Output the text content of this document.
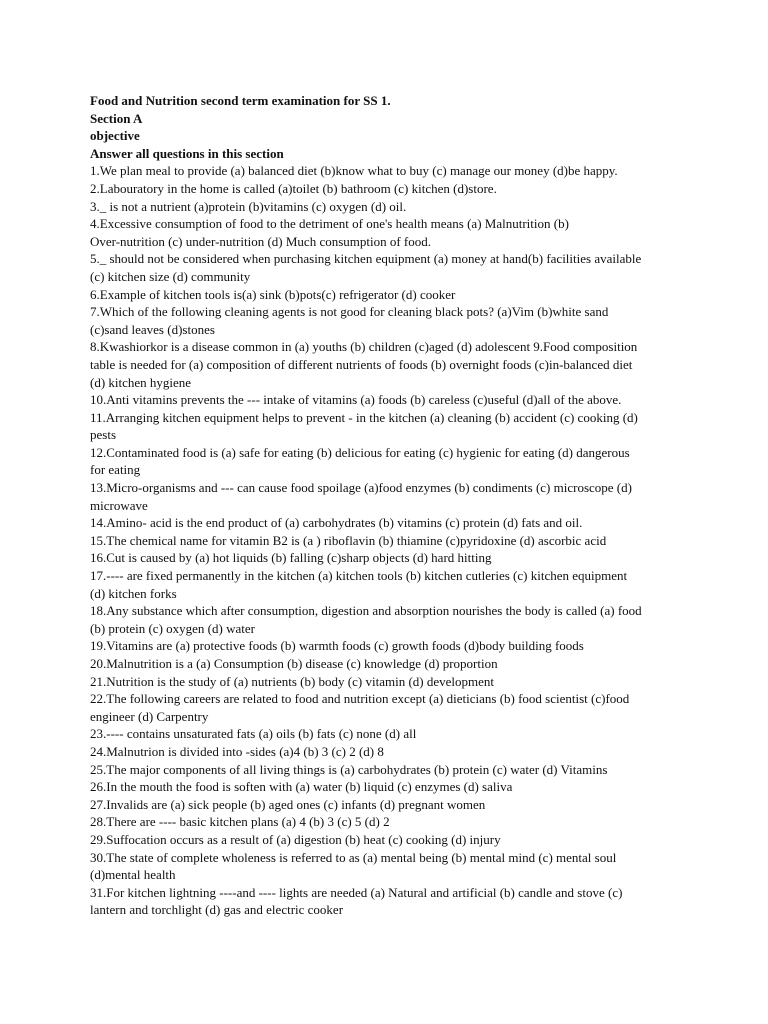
Food and Nutrition second term examination for SS 1.

Section A

objective

Answer all questions in this section

1.We plan meal to provide (a) balanced diet (b)know what to buy (c) manage our money (d)be happy.

2.Labouratory in the home is called (a)toilet (b) bathroom (c) kitchen (d)store.

3._ is not a nutrient (a)protein (b)vitamins (c) oxygen (d) oil.

4.Excessive consumption of food to the detriment of one's health means (a) Malnutrition (b)

Over-nutrition (c) under-nutrition (d) Much consumption of food.

5._ should not be considered when purchasing kitchen equipment (a) money at hand(b) facilities available

(c) kitchen size (d) community

6.Example of kitchen tools is(a) sink (b)pots(c) refrigerator (d) cooker

7.Which of the following cleaning agents is not good for cleaning black pots? (a)Vim (b)white sand

(c)sand leaves (d)stones

8.Kwashiorkor is a disease common in (a) youths (b) children (c)aged (d) adolescent 9.Food composition

table is needed for (a) composition of different nutrients of foods (b) overnight foods (c)in-balanced diet

(d) kitchen hygiene

10.Anti vitamins prevents the --- intake of vitamins (a) foods (b) careless (c)useful (d)all of the above.

11.Arranging kitchen equipment helps to prevent - in the kitchen (a) cleaning (b) accident (c) cooking (d)

pests

12.Contaminated food is (a) safe for eating (b) delicious for eating (c) hygienic for eating (d) dangerous

for eating

13.Micro-organisms and --- can cause food spoilage (a)food enzymes (b) condiments (c) microscope (d)

microwave

14.Amino- acid is the end product of (a) carbohydrates (b) vitamins (c) protein (d) fats and oil.

15.The chemical name for vitamin B2 is (a ) riboflavin (b) thiamine (c)pyridoxine (d) ascorbic acid

16.Cut is caused by (a) hot liquids (b) falling (c)sharp objects (d) hard hitting

17.---- are fixed permanently in the kitchen (a) kitchen tools (b) kitchen cutleries (c) kitchen equipment

(d) kitchen forks

18.Any substance which after consumption, digestion and absorption nourishes the body is called (a) food

(b) protein (c) oxygen (d) water

19.Vitamins are (a) protective foods (b) warmth foods (c) growth foods (d)body building foods

20.Malnutrition is a (a) Consumption (b) disease (c) knowledge (d) proportion

21.Nutrition is the study of (a) nutrients (b) body (c) vitamin (d) development

22.The following careers are related to food and nutrition except (a) dieticians (b) food scientist (c)food

engineer (d) Carpentry

23.---- contains unsaturated fats (a) oils (b) fats (c) none (d) all

24.Malnutrion is divided into -sides (a)4 (b) 3 (c) 2 (d) 8

25.The major components of all living things is (a) carbohydrates (b) protein (c) water (d) Vitamins

26.In the mouth the food is soften with (a) water (b) liquid (c) enzymes (d) saliva

27.Invalids are (a) sick people (b) aged ones (c) infants (d) pregnant women

28.There are ---- basic kitchen plans (a) 4 (b) 3 (c) 5 (d) 2

29.Suffocation occurs as a result of (a) digestion (b) heat (c) cooking (d) injury

30.The state of complete wholeness is referred to as (a) mental being (b) mental mind (c) mental soul

(d)mental health

31.For kitchen lightning ----and ---- lights are needed (a) Natural and artificial (b) candle and stove (c)

lantern and torchlight (d) gas and electric cooker
